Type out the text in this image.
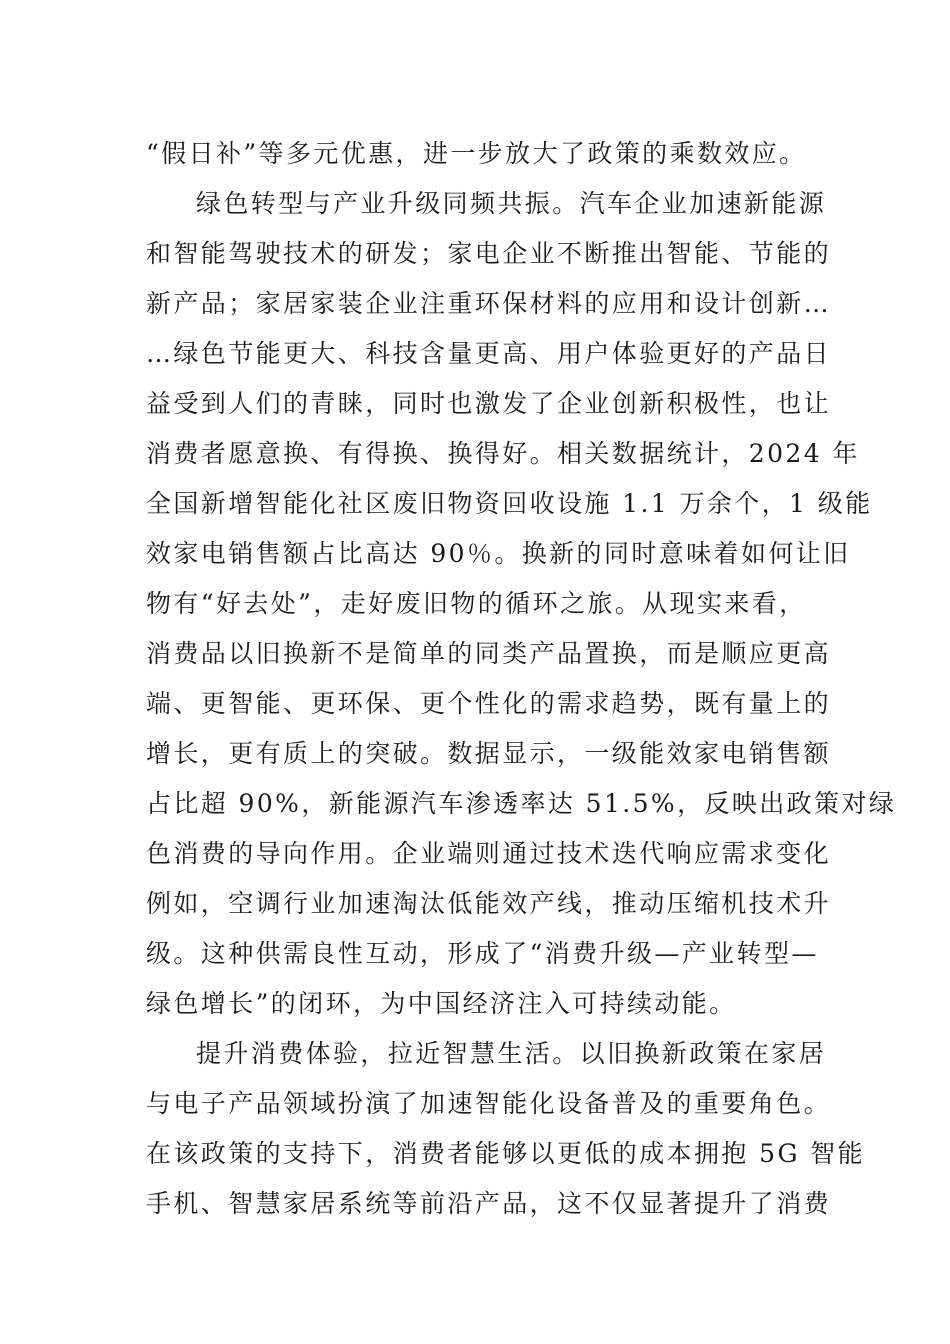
“假日补”等多元优惠，进一步放大了政策的乘数效应。
绿色转型与产业升级同频共振。汽车企业加速新能源
和智能驾驶技术的研发；家电企业不断推出智能、节能的
新产品；家居家装企业注重环保材料的应用和设计创新…
…绿色节能更大、科技含量更高、用户体验更好的产品日
益受到人们的青睐，同时也激发了企业创新积极性，也让
消费者愿意换、有得换、换得好。相关数据统计，2024 年
全国新增智能化社区废旧物资回收设施 1.1 万余个，1 级能
效家电销售额占比高达 90％。换新的同时意味着如何让旧
物有“好去处”，走好废旧物的循环之旅。从现实来看，
消费品以旧换新不是简单的同类产品置换，而是顺应更高
端、更智能、更环保、更个性化的需求趋势，既有量上的
增长，更有质上的突破。数据显示，一级能效家电销售额
占比超 90%，新能源汽车渗透率达 51.5%，反映出政策对绿
色消费的导向作用。企业端则通过技术迭代响应需求变化
例如，空调行业加速淘汰低能效产线，推动压缩机技术升
级。这种供需良性互动，形成了“消费升级—产业转型—
绿色增长”的闭环，为中国经济注入可持续动能。
提升消费体验，拉近智慧生活。以旧换新政策在家居
与电子产品领域扮演了加速智能化设备普及的重要角色。
在该政策的支持下，消费者能够以更低的成本拥抱 5G 智能
手机、智慧家居系统等前沿产品，这不仅显著提升了消费
